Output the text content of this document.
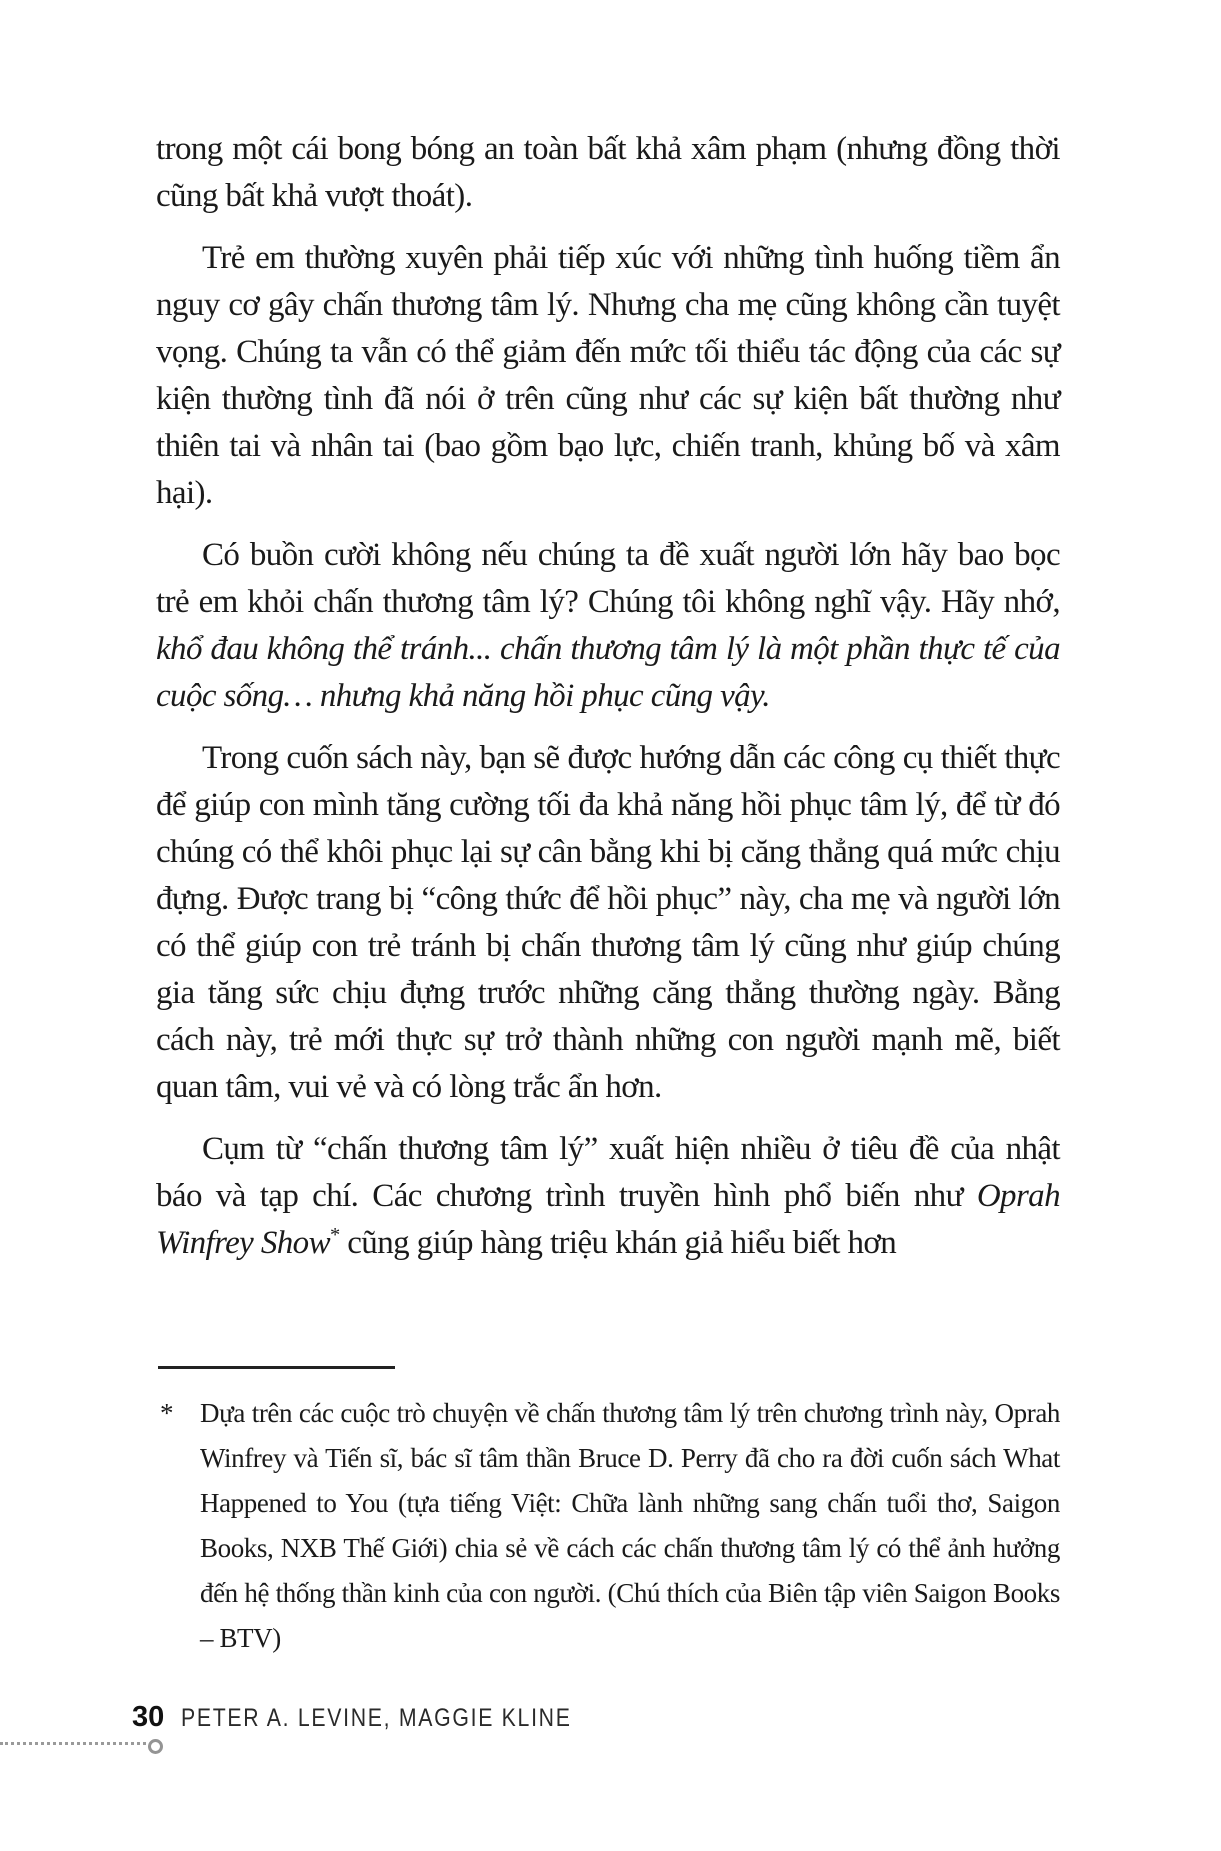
trong một cái bong bóng an toàn bất khả xâm phạm (nhưng đồng thời cũng bất khả vượt thoát).

Trẻ em thường xuyên phải tiếp xúc với những tình huống tiềm ẩn nguy cơ gây chấn thương tâm lý. Nhưng cha mẹ cũng không cần tuyệt vọng. Chúng ta vẫn có thể giảm đến mức tối thiểu tác động của các sự kiện thường tình đã nói ở trên cũng như các sự kiện bất thường như thiên tai và nhân tai (bao gồm bạo lực, chiến tranh, khủng bố và xâm hại).

Có buồn cười không nếu chúng ta đề xuất người lớn hãy bao bọc trẻ em khỏi chấn thương tâm lý? Chúng tôi không nghĩ vậy. Hãy nhớ, khổ đau không thể tránh... chấn thương tâm lý là một phần thực tế của cuộc sống… nhưng khả năng hồi phục cũng vậy.

Trong cuốn sách này, bạn sẽ được hướng dẫn các công cụ thiết thực để giúp con mình tăng cường tối đa khả năng hồi phục tâm lý, để từ đó chúng có thể khôi phục lại sự cân bằng khi bị căng thẳng quá mức chịu đựng. Được trang bị “công thức để hồi phục” này, cha mẹ và người lớn có thể giúp con trẻ tránh bị chấn thương tâm lý cũng như giúp chúng gia tăng sức chịu đựng trước những căng thẳng thường ngày. Bằng cách này, trẻ mới thực sự trở thành những con người mạnh mẽ, biết quan tâm, vui vẻ và có lòng trắc ẩn hơn.

Cụm từ “chấn thương tâm lý” xuất hiện nhiều ở tiêu đề của nhật báo và tạp chí. Các chương trình truyền hình phổ biến như Oprah Winfrey Show* cũng giúp hàng triệu khán giả hiểu biết hơn

* Dựa trên các cuộc trò chuyện về chấn thương tâm lý trên chương trình này, Oprah Winfrey và Tiến sĩ, bác sĩ tâm thần Bruce D. Perry đã cho ra đời cuốn sách What Happened to You (tựa tiếng Việt: Chữa lành những sang chấn tuổi thơ, Saigon Books, NXB Thế Giới) chia sẻ về cách các chấn thương tâm lý có thể ảnh hưởng đến hệ thống thần kinh của con người. (Chú thích của Biên tập viên Saigon Books – BTV)
30 PETER A. LEVINE, MAGGIE KLINE
